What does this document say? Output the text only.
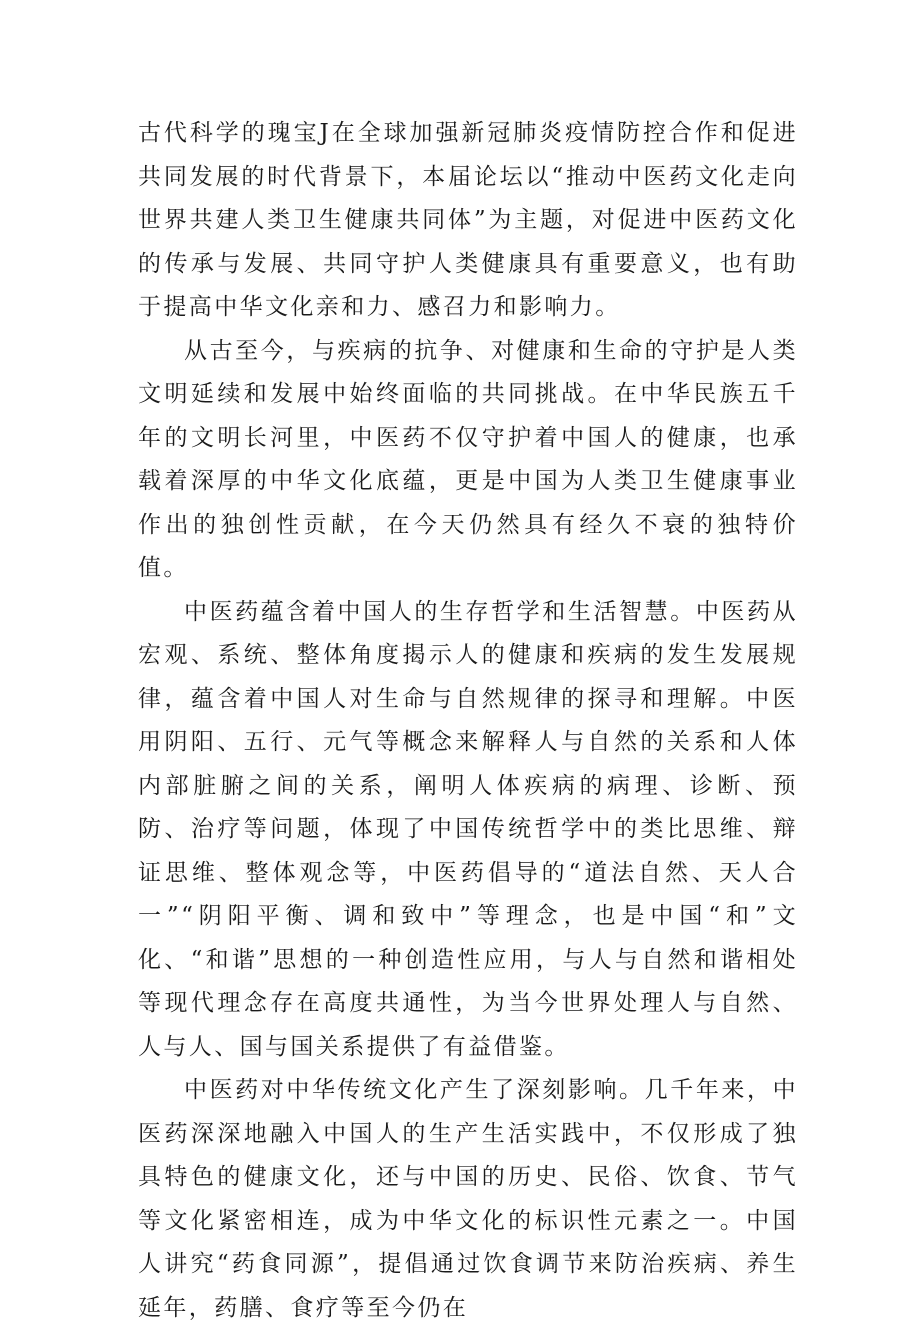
古代科学的瑰宝J在全球加强新冠肺炎疫情防控合作和促进共同发展的时代背景下，本届论坛以“推动中医药文化走向世界共建人类卫生健康共同体”为主题，对促进中医药文化的传承与发展、共同守护人类健康具有重要意义，也有助于提高中华文化亲和力、感召力和影响力。

从古至今，与疾病的抗争、对健康和生命的守护是人类文明延续和发展中始终面临的共同挑战。在中华民族五千年的文明长河里，中医药不仅守护着中国人的健康，也承载着深厚的中华文化底蕴，更是中国为人类卫生健康事业作出的独创性贡献，在今天仍然具有经久不衰的独特价值。

中医药蕴含着中国人的生存哲学和生活智慧。中医药从宏观、系统、整体角度揭示人的健康和疾病的发生发展规律，蕴含着中国人对生命与自然规律的探寻和理解。中医用阴阳、五行、元气等概念来解释人与自然的关系和人体内部脏腑之间的关系，阐明人体疾病的病理、诊断、预防、治疗等问题，体现了中国传统哲学中的类比思维、辩证思维、整体观念等，中医药倡导的“道法自然、天人合一”“阴阳平衡、调和致中”等理念，也是中国“和”文化、“和谐”思想的一种创造性应用，与人与自然和谐相处等现代理念存在高度共通性，为当今世界处理人与自然、人与人、国与国关系提供了有益借鉴。

中医药对中华传统文化产生了深刻影响。几千年来，中医药深深地融入中国人的生产生活实践中，不仅形成了独具特色的健康文化，还与中国的历史、民俗、饮食、节气等文化紧密相连，成为中华文化的标识性元素之一。中国人讲究“药食同源”，提倡通过饮食调节来防治疾病、养生延年，药膳、食疗等至今仍在
